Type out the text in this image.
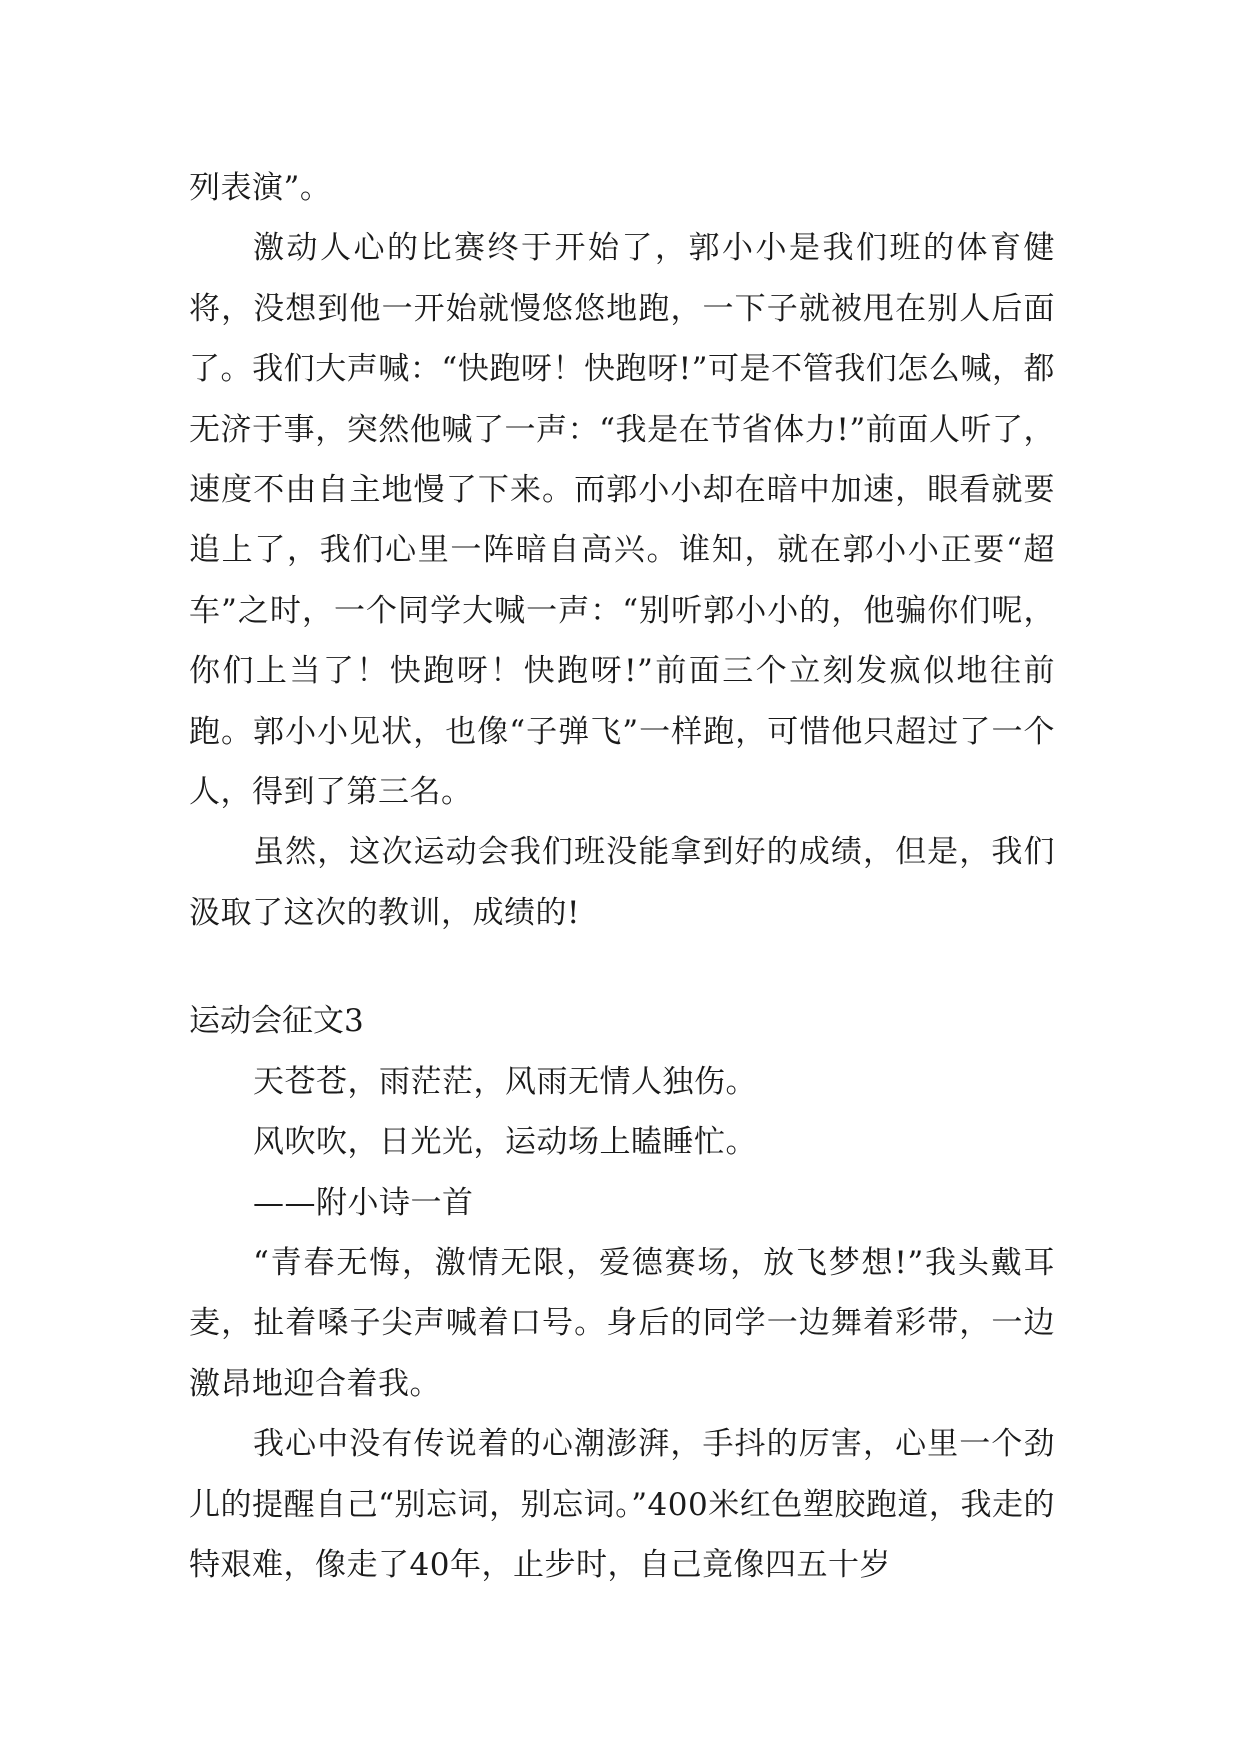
列表演”。

激动人心的比赛终于开始了，郭小小是我们班的体育健将，没想到他一开始就慢悠悠地跑，一下子就被甩在别人后面了。我们大声喊：“快跑呀！快跑呀!”可是不管我们怎么喊，都无济于事，突然他喊了一声：“我是在节省体力!”前面人听了，速度不由自主地慢了下来。而郭小小却在暗中加速，眼看就要追上了，我们心里一阵暗自高兴。谁知，就在郭小小正要“超车”之时，一个同学大喊一声：“别听郭小小的，他骗你们呢，你们上当了！快跑呀！快跑呀!”前面三个立刻发疯似地往前跑。郭小小见状，也像“子弹飞”一样跑，可惜他只超过了一个人，得到了第三名。

虽然，这次运动会我们班没能拿到好的成绩，但是，我们汲取了这次的教训，成绩的!

运动会征文3

天苍苍，雨茫茫，风雨无情人独伤。

风吹吹，日光光，运动场上瞌睡忙。

——附小诗一首

“青春无悔，激情无限，爱德赛场，放飞梦想!”我头戴耳麦，扯着嗓子尖声喊着口号。身后的同学一边舞着彩带，一边激昂地迎合着我。

我心中没有传说着的心潮澎湃，手抖的厉害，心里一个劲儿的提醒自己“别忘词，别忘词。”400米红色塑胶跑道，我走的特艰难，像走了40年，止步时，自己竟像四五十岁
